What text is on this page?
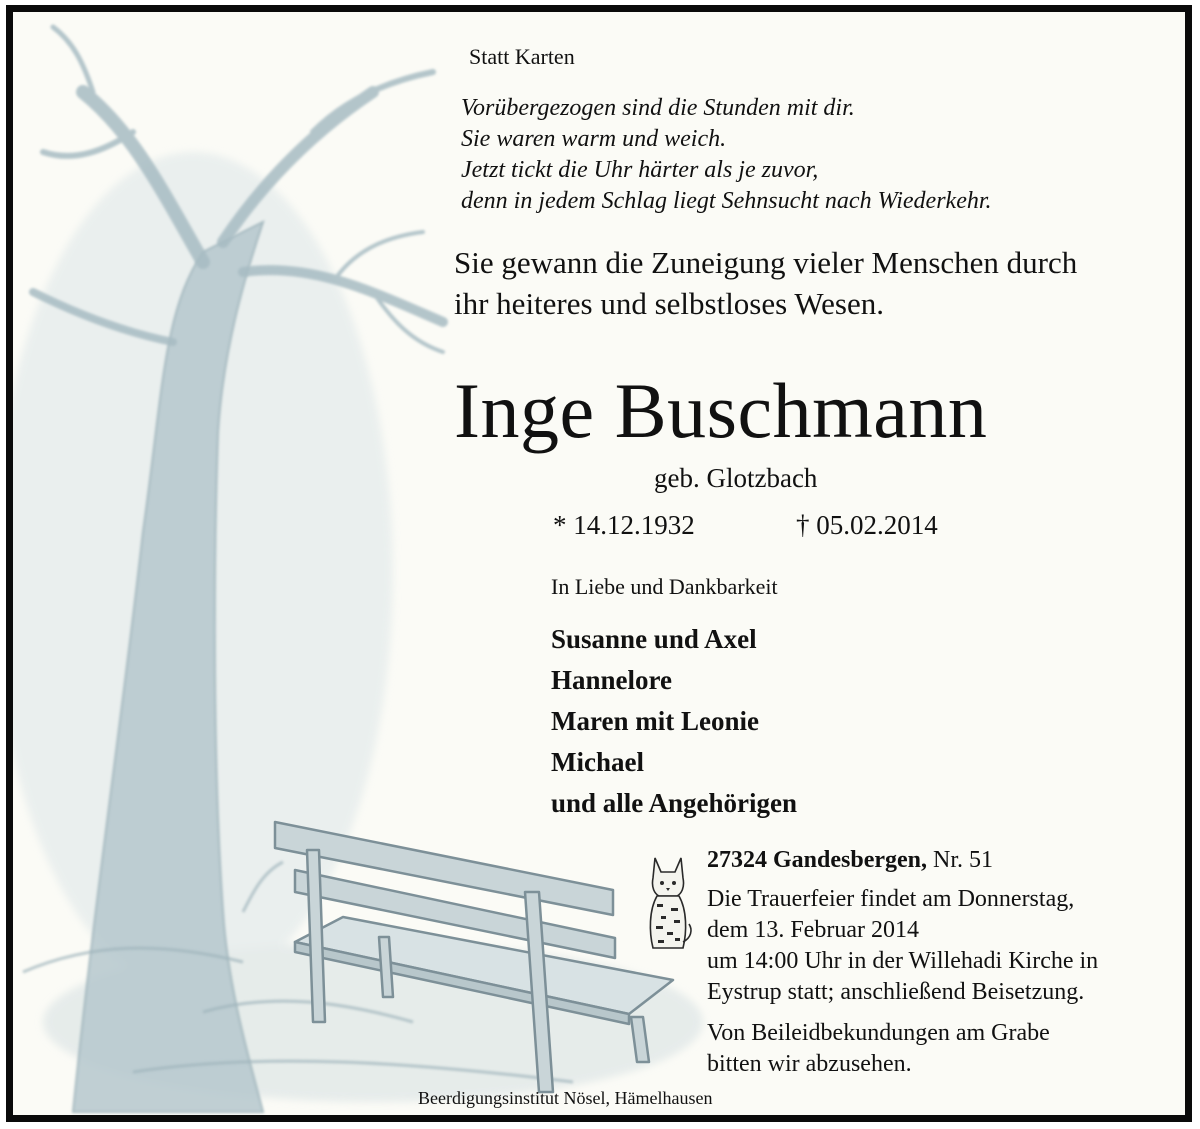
Statt Karten

Vorübergezogen sind die Stunden mit dir.

Sie waren warm und weich.

Jetzt tickt die Uhr härter als je zuvor,

denn in jedem Schlag liegt Sehnsucht nach Wiederkehr.

Sie gewann die Zuneigung vieler Menschen durch

ihr heiteres und selbstloses Wesen.

Inge Buschmann

geb. Glotzbach

* 14.12.1932	† 05.02.2014

In Liebe und Dankbarkeit

Susanne und Axel

Hannelore

Maren mit Leonie

Michael

und alle Angehörigen

27324 Gandesbergen, Nr. 51

Die Trauerfeier findet am Donnerstag,

dem 13. Februar 2014

um 14:00 Uhr in der Willehadi Kirche in

Eystrup statt; anschließend Beisetzung.

Von Beileidbekundungen am Grabe

bitten wir abzusehen.

Beerdigungsinstitut Nösel, Hämelhausen
